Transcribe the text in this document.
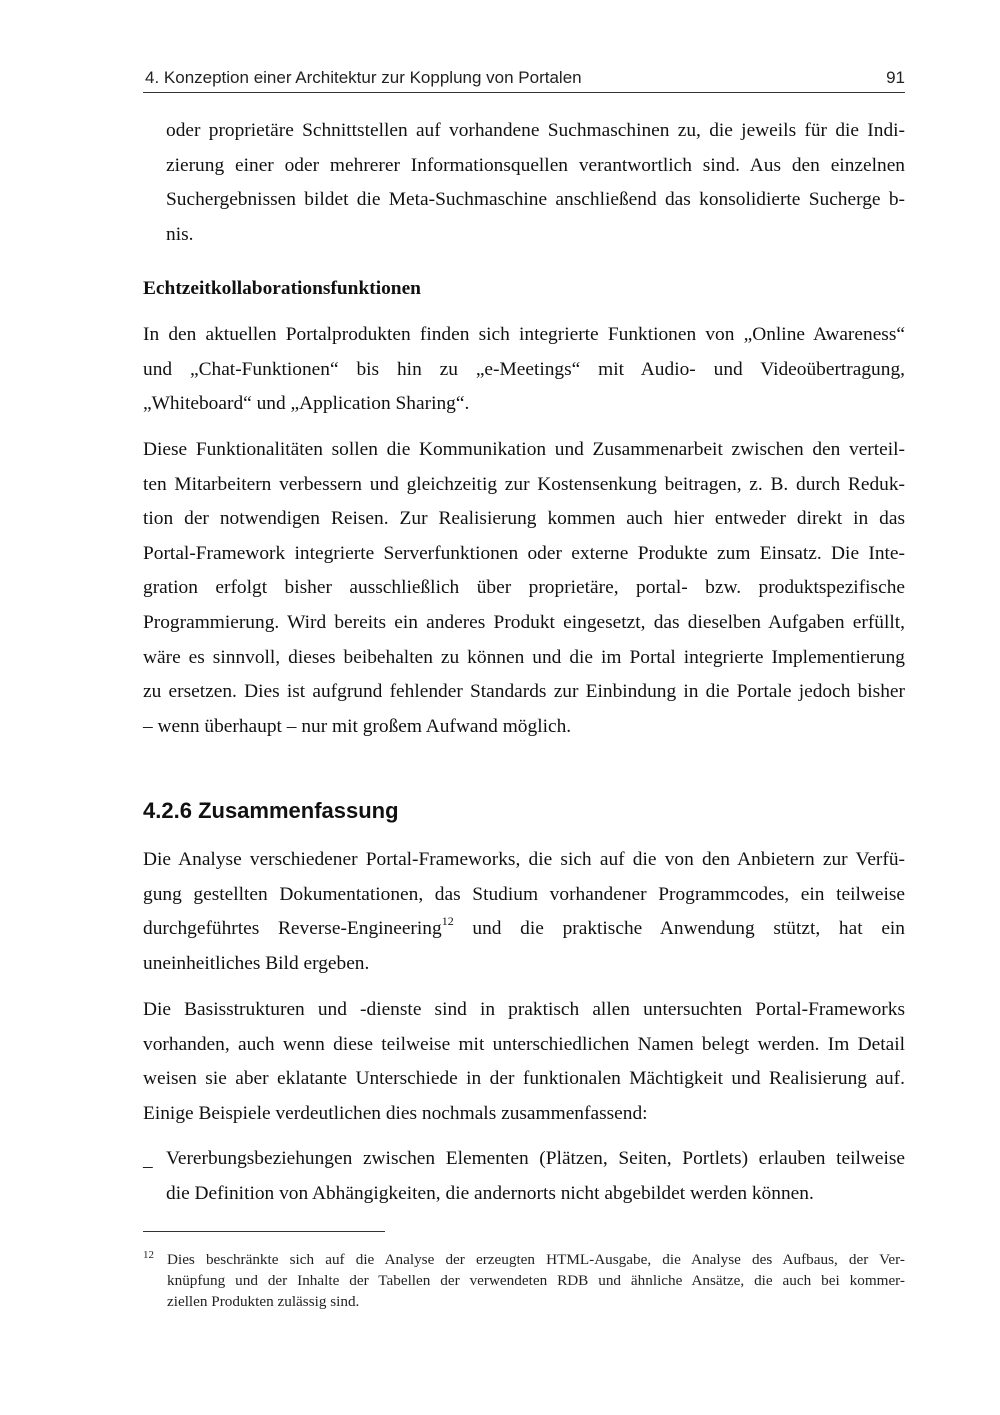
4. Konzeption einer Architektur zur Kopplung von Portalen	91
oder proprietäre Schnittstellen auf vorhandene Suchmaschinen zu, die jeweils für die Indi-
zierung einer oder mehrerer Informationsquellen verantwortlich sind. Aus den einzelnen
Suchergebnissen bildet die Meta-Suchmaschine anschließend das konsolidierte Sucherge b-
nis.
Echtzeitkollaborationsfunktionen
In den aktuellen Portalprodukten finden sich integrierte Funktionen von „Online Awareness“
und „Chat-Funktionen“ bis hin zu „e-Meetings“ mit Audio- und Videoübertragung,
„Whiteboard“ und „Application Sharing“.
Diese Funktionalitäten sollen die Kommunikation und Zusammenarbeit zwischen den verteil-
ten Mitarbeitern verbessern und gleichzeitig zur Kostensenkung beitragen, z. B. durch Reduk-
tion der notwendigen Reisen. Zur Realisierung kommen auch hier entweder direkt in das
Portal-Framework integrierte Serverfunktionen oder externe Produkte zum Einsatz. Die Inte-
gration erfolgt bisher ausschließlich über proprietäre, portal- bzw. produktspezifische
Programmierung. Wird bereits ein anderes Produkt eingesetzt, das dieselben Aufgaben erfüllt,
wäre es sinnvoll, dieses beibehalten zu können und die im Portal integrierte Implementierung
zu ersetzen. Dies ist aufgrund fehlender Standards zur Einbindung in die Portale jedoch bisher
– wenn überhaupt – nur mit großem Aufwand möglich.
4.2.6 Zusammenfassung
Die Analyse verschiedener Portal-Frameworks, die sich auf die von den Anbietern zur Verfü-
gung gestellten Dokumentationen, das Studium vorhandener Programmcodes, ein teilweise
durchgeführtes Reverse-Engineering$^{12}$ und die praktische Anwendung stützt, hat ein
uneinheitliches Bild ergeben.
Die Basisstrukturen und -dienste sind in praktisch allen untersuchten Portal-Frameworks
vorhanden, auch wenn diese teilweise mit unterschiedlichen Namen belegt werden. Im Detail
weisen sie aber eklatante Unterschiede in der funktionalen Mächtigkeit und Realisierung auf.
Einige Beispiele verdeutlichen dies nochmals zusammenfassend:
– Vererbungsbeziehungen zwischen Elementen (Plätzen, Seiten, Portlets) erlauben teilweise
die Definition von Abhängigkeiten, die andernorts nicht abgebildet werden können.
12 Dies beschränkte sich auf die Analyse der erzeugten HTML-Ausgabe, die Analyse des Aufbaus, der Ver-
knüpfung und der Inhalte der Tabellen der verwendeten RDB und ähnliche Ansätze, die auch bei kommer-
ziellen Produkten zulässig sind.
